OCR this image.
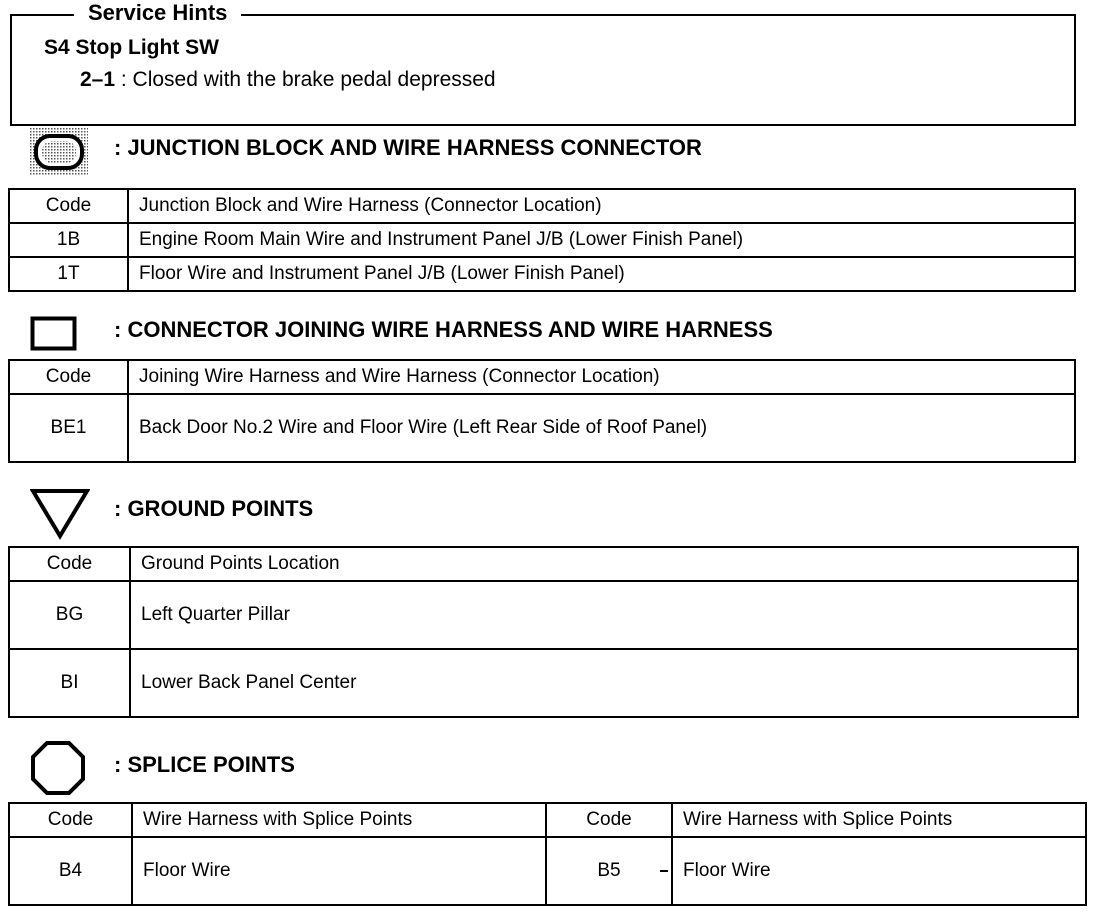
Service Hints
S4 Stop Light SW
2–1 : Closed with the brake pedal depressed
: JUNCTION BLOCK AND WIRE HARNESS CONNECTOR
Code	Junction Block and Wire Harness (Connector Location)
1B	Engine Room Main Wire and Instrument Panel J/B (Lower Finish Panel)
1T	Floor Wire and Instrument Panel J/B (Lower Finish Panel)
: CONNECTOR JOINING WIRE HARNESS AND WIRE HARNESS
Code	Joining Wire Harness and Wire Harness (Connector Location)
BE1	Back Door No.2 Wire and Floor Wire (Left Rear Side of Roof Panel)
: GROUND POINTS
Code	Ground Points Location
BG	Left Quarter Pillar
BI	Lower Back Panel Center
: SPLICE POINTS
Code	Wire Harness with Splice Points	Code	Wire Harness with Splice Points
B4	Floor Wire	B5	Floor Wire
